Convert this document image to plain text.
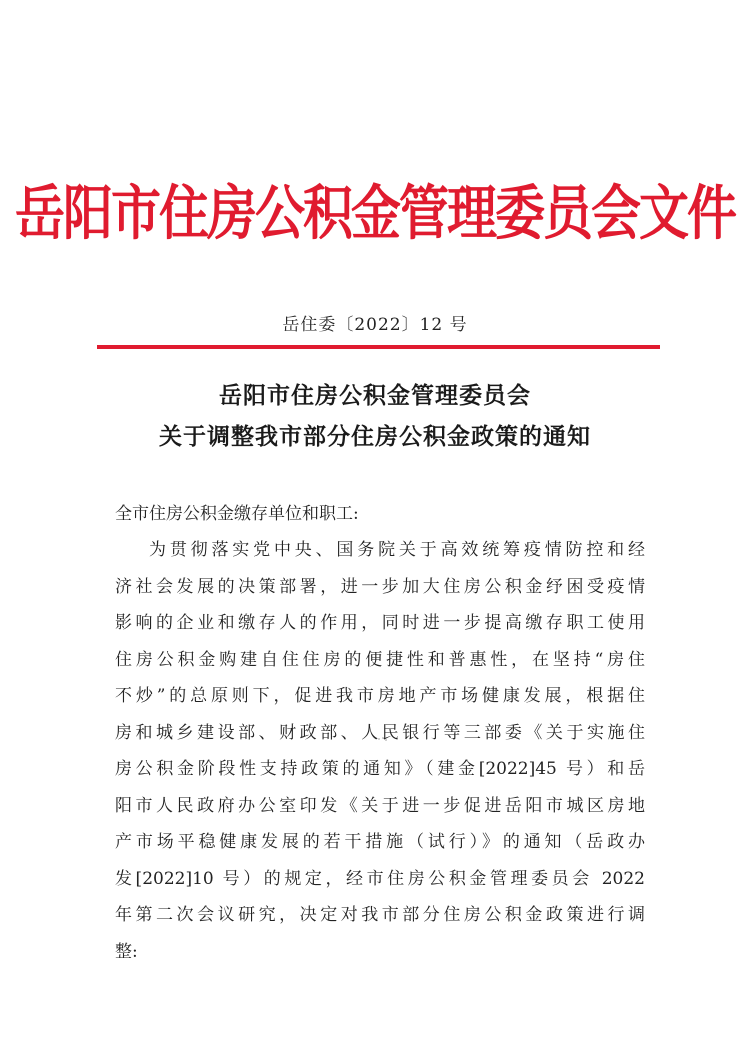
岳阳市住房公积金管理委员会文件
岳住委〔2022〕12 号
岳阳市住房公积金管理委员会
关于调整我市部分住房公积金政策的通知
全市住房公积金缴存单位和职工:
为贯彻落实党中央、国务院关于高效统筹疫情防控和经
济社会发展的决策部署，进一步加大住房公积金纾困受疫情
影响的企业和缴存人的作用，同时进一步提高缴存职工使用
住房公积金购建自住住房的便捷性和普惠性，在坚持“房住
不炒”的总原则下，促进我市房地产市场健康发展，根据住
房和城乡建设部、财政部、人民银行等三部委《关于实施住
房公积金阶段性支持政策的通知》（建金[2022]45 号）和岳
阳市人民政府办公室印发《关于进一步促进岳阳市城区房地
产市场平稳健康发展的若干措施（试行）》的通知（岳政办
发[2022]10 号）的规定，经市住房公积金管理委员会 2022
年第二次会议研究，决定对我市部分住房公积金政策进行调
整:
